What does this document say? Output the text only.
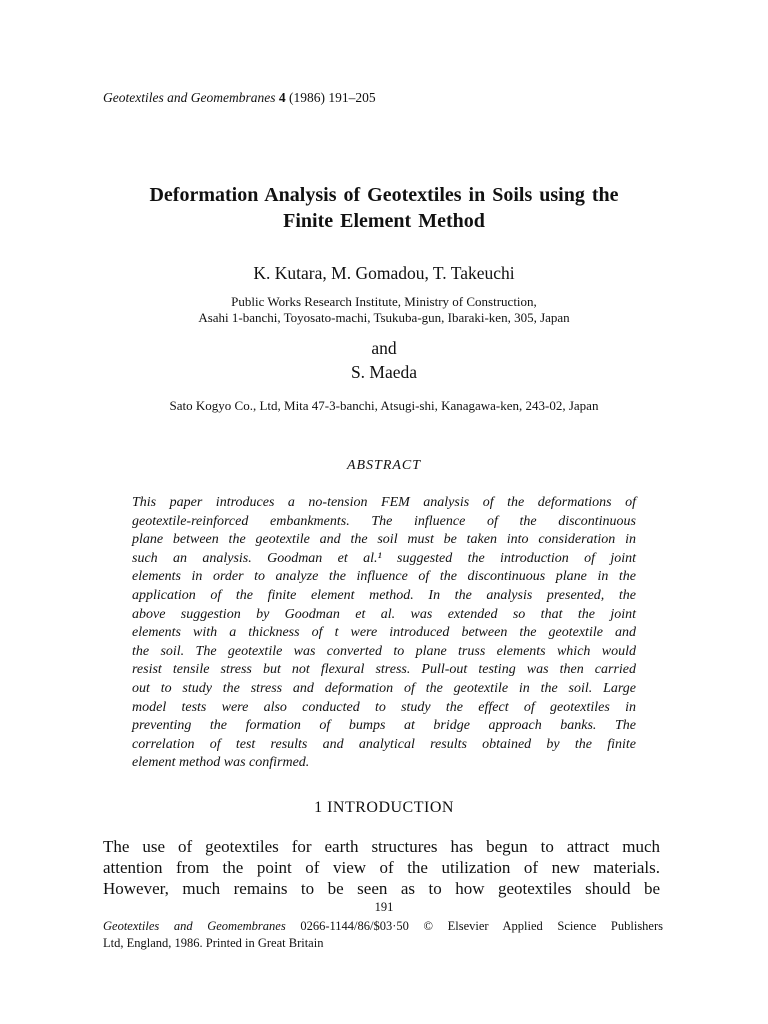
Geotextiles and Geomembranes 4 (1986) 191–205
Deformation Analysis of Geotextiles in Soils using the
Finite Element Method
K. Kutara, M. Gomadou, T. Takeuchi
Public Works Research Institute, Ministry of Construction,
Asahi 1-banchi, Toyosato-machi, Tsukuba-gun, Ibaraki-ken, 305, Japan
and
S. Maeda
Sato Kogyo Co., Ltd, Mita 47-3-banchi, Atsugi-shi, Kanagawa-ken, 243-02, Japan
ABSTRACT
This paper introduces a no-tension FEM analysis of the deformations of
geotextile-reinforced embankments. The influence of the discontinuous
plane between the geotextile and the soil must be taken into consideration in
such an analysis. Goodman et al.¹ suggested the introduction of joint
elements in order to analyze the influence of the discontinuous plane in the
application of the finite element method. In the analysis presented, the
above suggestion by Goodman et al. was extended so that the joint
elements with a thickness of t were introduced between the geotextile and
the soil. The geotextile was converted to plane truss elements which would
resist tensile stress but not flexural stress. Pull-out testing was then carried
out to study the stress and deformation of the geotextile in the soil. Large
model tests were also conducted to study the effect of geotextiles in
preventing the formation of bumps at bridge approach banks. The
correlation of test results and analytical results obtained by the finite
element method was confirmed.
1 INTRODUCTION
The use of geotextiles for earth structures has begun to attract much
attention from the point of view of the utilization of new materials.
However, much remains to be seen as to how geotextiles should be
191
Geotextiles and Geomembranes 0266-1144/86/$03·50 © Elsevier Applied Science Publishers
Ltd, England, 1986. Printed in Great Britain
